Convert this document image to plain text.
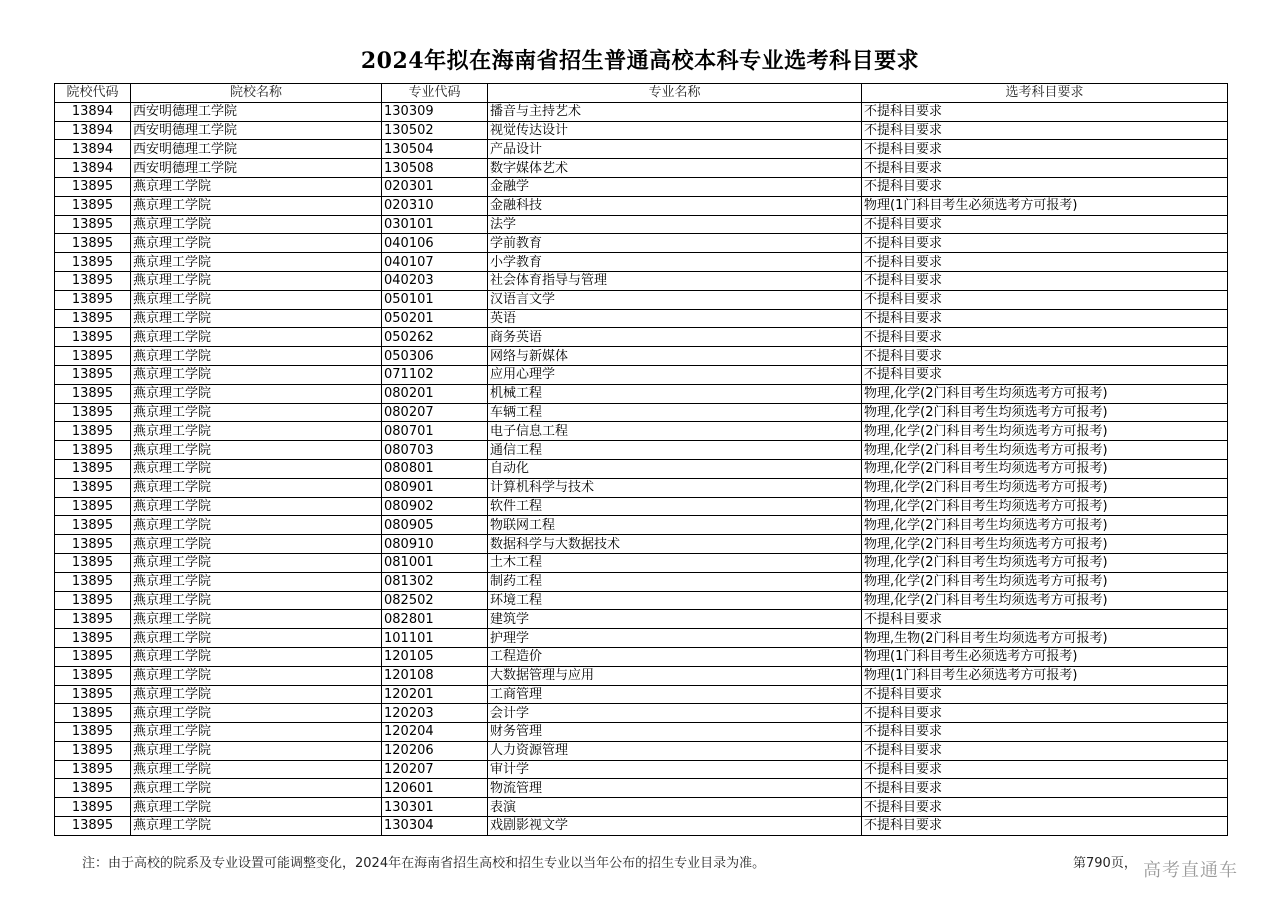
2024年拟在海南省招生普通高校本科专业选考科目要求
院校代码	院校名称	专业代码	专业名称	选考科目要求
13894	西安明德理工学院	130309	播音与主持艺术	不提科目要求
13894	西安明德理工学院	130502	视觉传达设计	不提科目要求
13894	西安明德理工学院	130504	产品设计	不提科目要求
13894	西安明德理工学院	130508	数字媒体艺术	不提科目要求
13895	燕京理工学院	020301	金融学	不提科目要求
13895	燕京理工学院	020310	金融科技	物理(1门科目考生必须选考方可报考)
13895	燕京理工学院	030101	法学	不提科目要求
13895	燕京理工学院	040106	学前教育	不提科目要求
13895	燕京理工学院	040107	小学教育	不提科目要求
13895	燕京理工学院	040203	社会体育指导与管理	不提科目要求
13895	燕京理工学院	050101	汉语言文学	不提科目要求
13895	燕京理工学院	050201	英语	不提科目要求
13895	燕京理工学院	050262	商务英语	不提科目要求
13895	燕京理工学院	050306	网络与新媒体	不提科目要求
13895	燕京理工学院	071102	应用心理学	不提科目要求
13895	燕京理工学院	080201	机械工程	物理,化学(2门科目考生均须选考方可报考)
13895	燕京理工学院	080207	车辆工程	物理,化学(2门科目考生均须选考方可报考)
13895	燕京理工学院	080701	电子信息工程	物理,化学(2门科目考生均须选考方可报考)
13895	燕京理工学院	080703	通信工程	物理,化学(2门科目考生均须选考方可报考)
13895	燕京理工学院	080801	自动化	物理,化学(2门科目考生均须选考方可报考)
13895	燕京理工学院	080901	计算机科学与技术	物理,化学(2门科目考生均须选考方可报考)
13895	燕京理工学院	080902	软件工程	物理,化学(2门科目考生均须选考方可报考)
13895	燕京理工学院	080905	物联网工程	物理,化学(2门科目考生均须选考方可报考)
13895	燕京理工学院	080910	数据科学与大数据技术	物理,化学(2门科目考生均须选考方可报考)
13895	燕京理工学院	081001	土木工程	物理,化学(2门科目考生均须选考方可报考)
13895	燕京理工学院	081302	制药工程	物理,化学(2门科目考生均须选考方可报考)
13895	燕京理工学院	082502	环境工程	物理,化学(2门科目考生均须选考方可报考)
13895	燕京理工学院	082801	建筑学	不提科目要求
13895	燕京理工学院	101101	护理学	物理,生物(2门科目考生均须选考方可报考)
13895	燕京理工学院	120105	工程造价	物理(1门科目考生必须选考方可报考)
13895	燕京理工学院	120108	大数据管理与应用	物理(1门科目考生必须选考方可报考)
13895	燕京理工学院	120201	工商管理	不提科目要求
13895	燕京理工学院	120203	会计学	不提科目要求
13895	燕京理工学院	120204	财务管理	不提科目要求
13895	燕京理工学院	120206	人力资源管理	不提科目要求
13895	燕京理工学院	120207	审计学	不提科目要求
13895	燕京理工学院	120601	物流管理	不提科目要求
13895	燕京理工学院	130301	表演	不提科目要求
13895	燕京理工学院	130304	戏剧影视文学	不提科目要求
注：由于高校的院系及专业设置可能调整变化，2024年在海南省招生高校和招生专业以当年公布的招生专业目录为准。	第790页， 高考直通车
